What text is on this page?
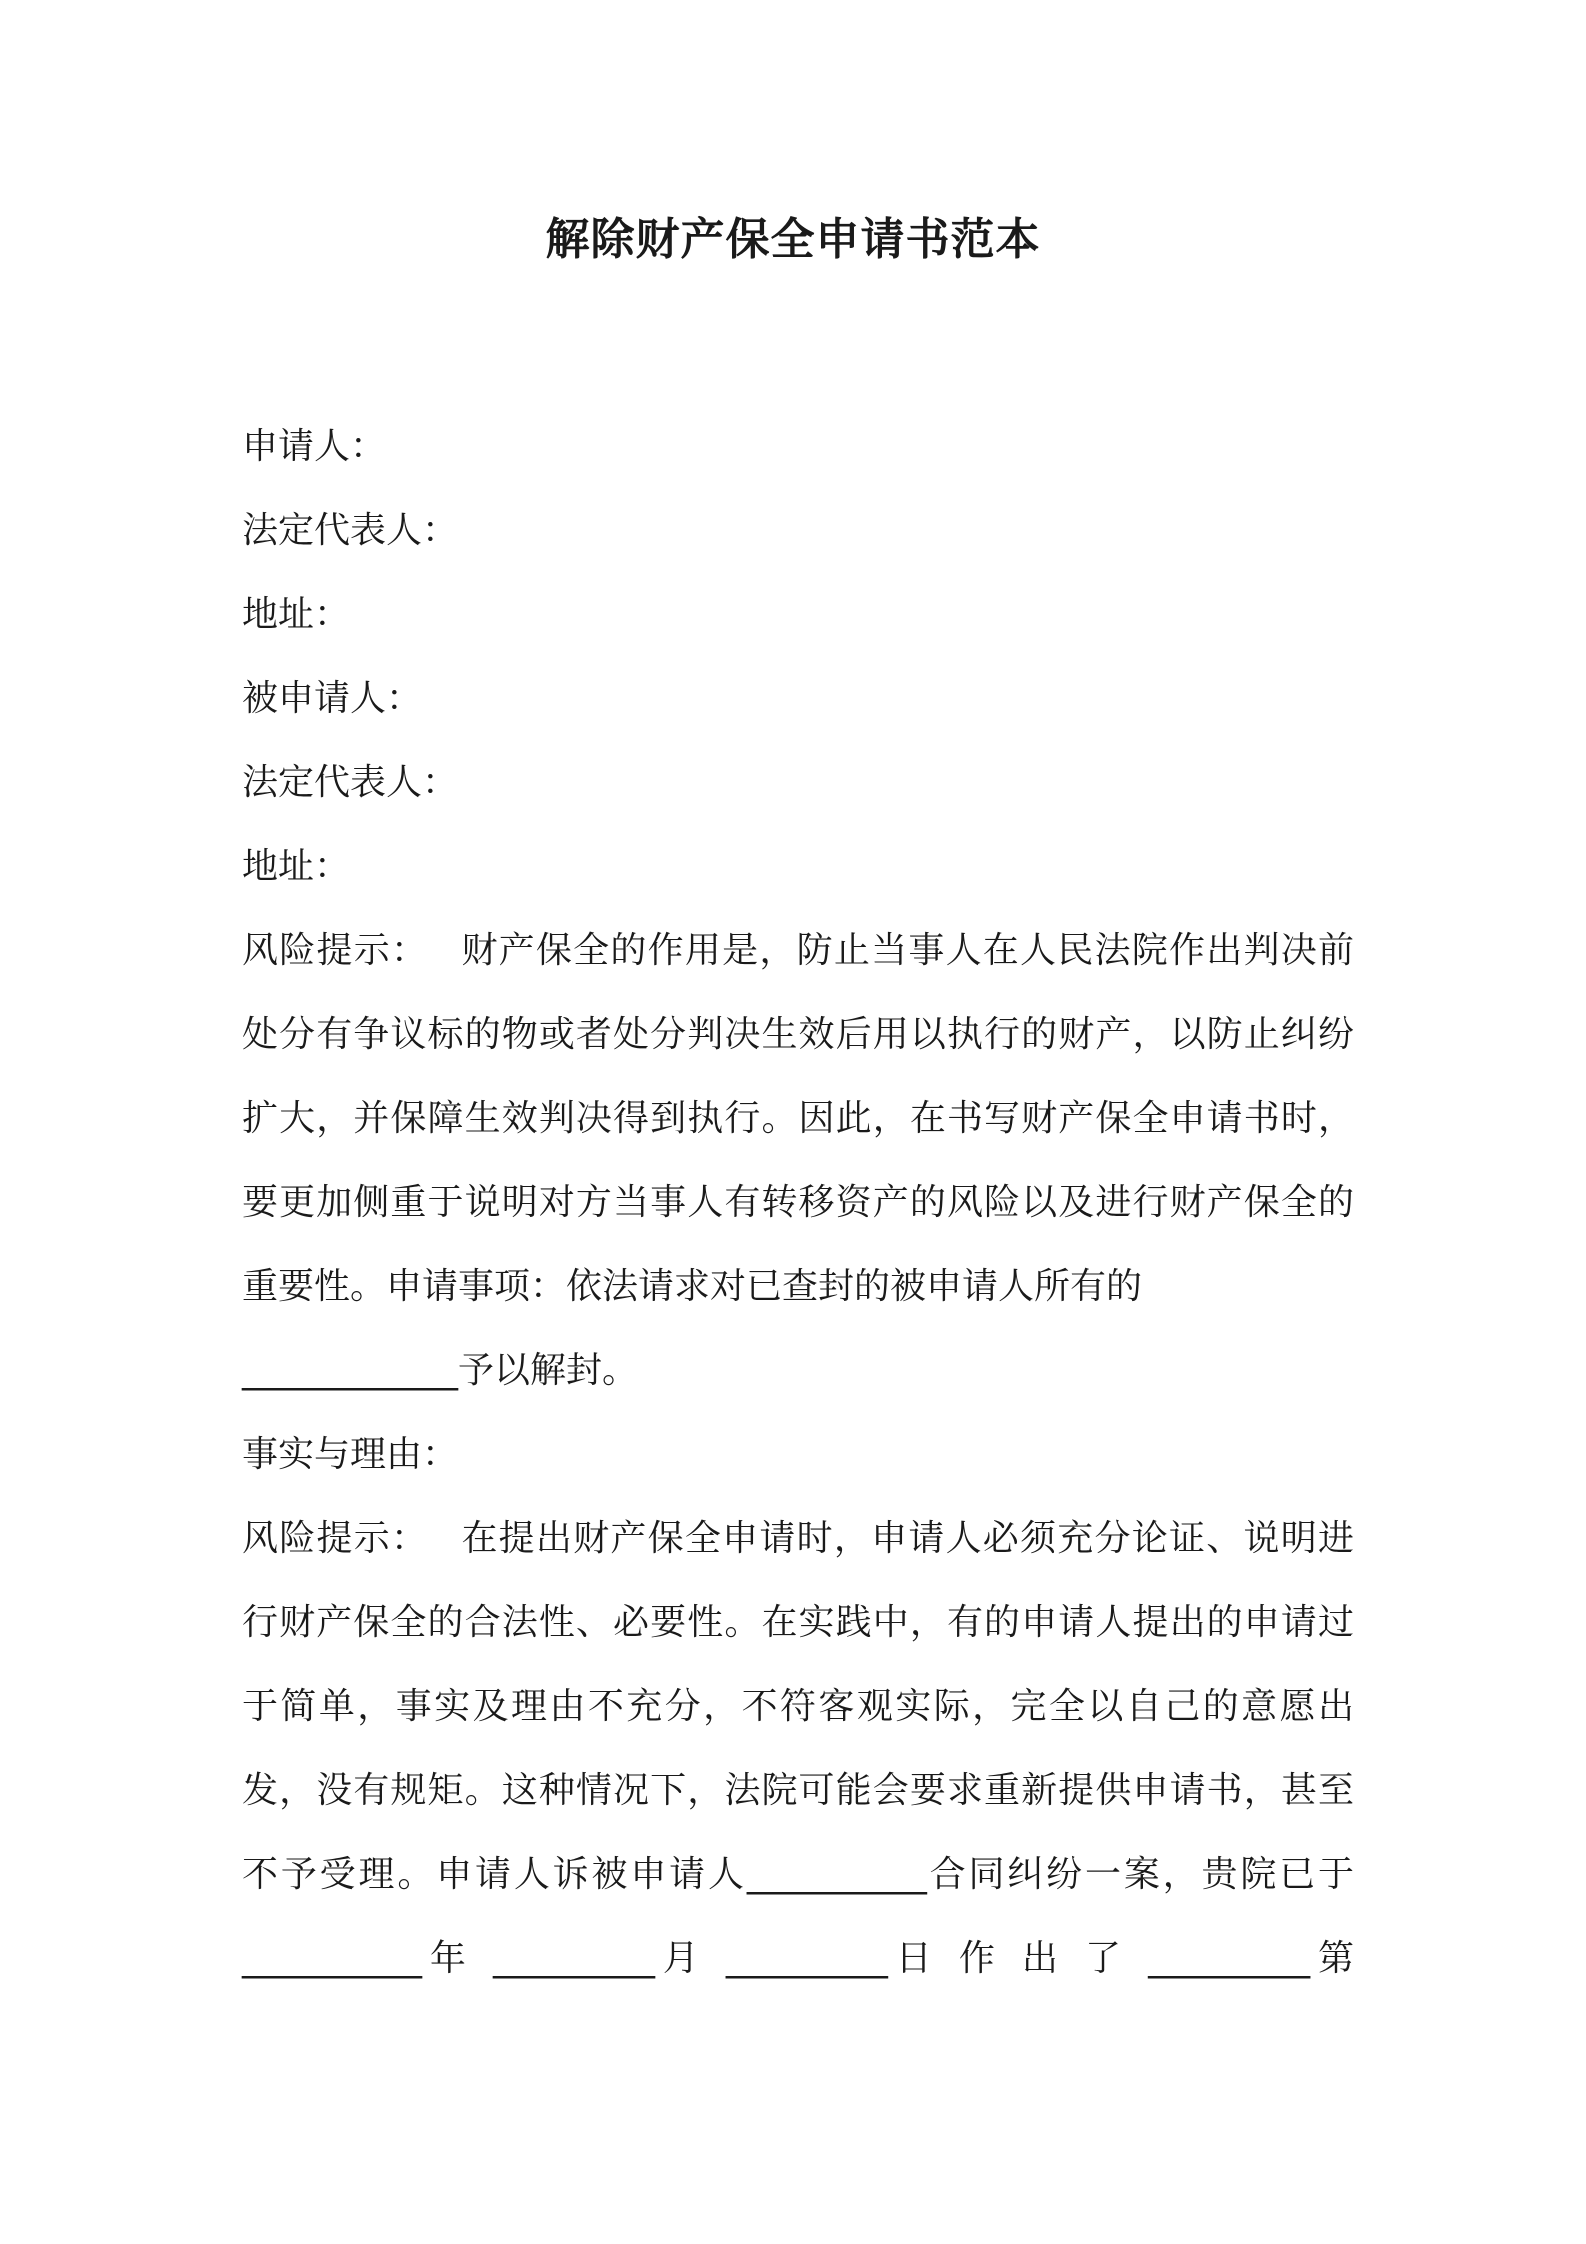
解除财产保全申请书范本

申请人：

法定代表人：

地址：

被申请人：

法定代表人：

地址：

风险提示： 财产保全的作用是，防止当事人在人民法院作出判决前处分有争议标的物或者处分判决生效后用以执行的财产，以防止纠纷扩大，并保障生效判决得到执行。因此，在书写财产保全申请书时，要更加侧重于说明对方当事人有转移资产的风险以及进行财产保全的重要性。申请事项：依法请求对已查封的被申请人所有的

____________予以解封。

事实与理由：

风险提示： 在提出财产保全申请时，申请人必须充分论证、说明进行财产保全的合法性、必要性。在实践中，有的申请人提出的申请过于简单，事实及理由不充分，不符客观实际，完全以自己的意愿出发，没有规矩。这种情况下，法院可能会要求重新提供申请书，甚至不予受理。申请人诉被申请人__________合同纠纷一案，贵院已于

__________年 _________月 _________日 作 出 了 _________第
